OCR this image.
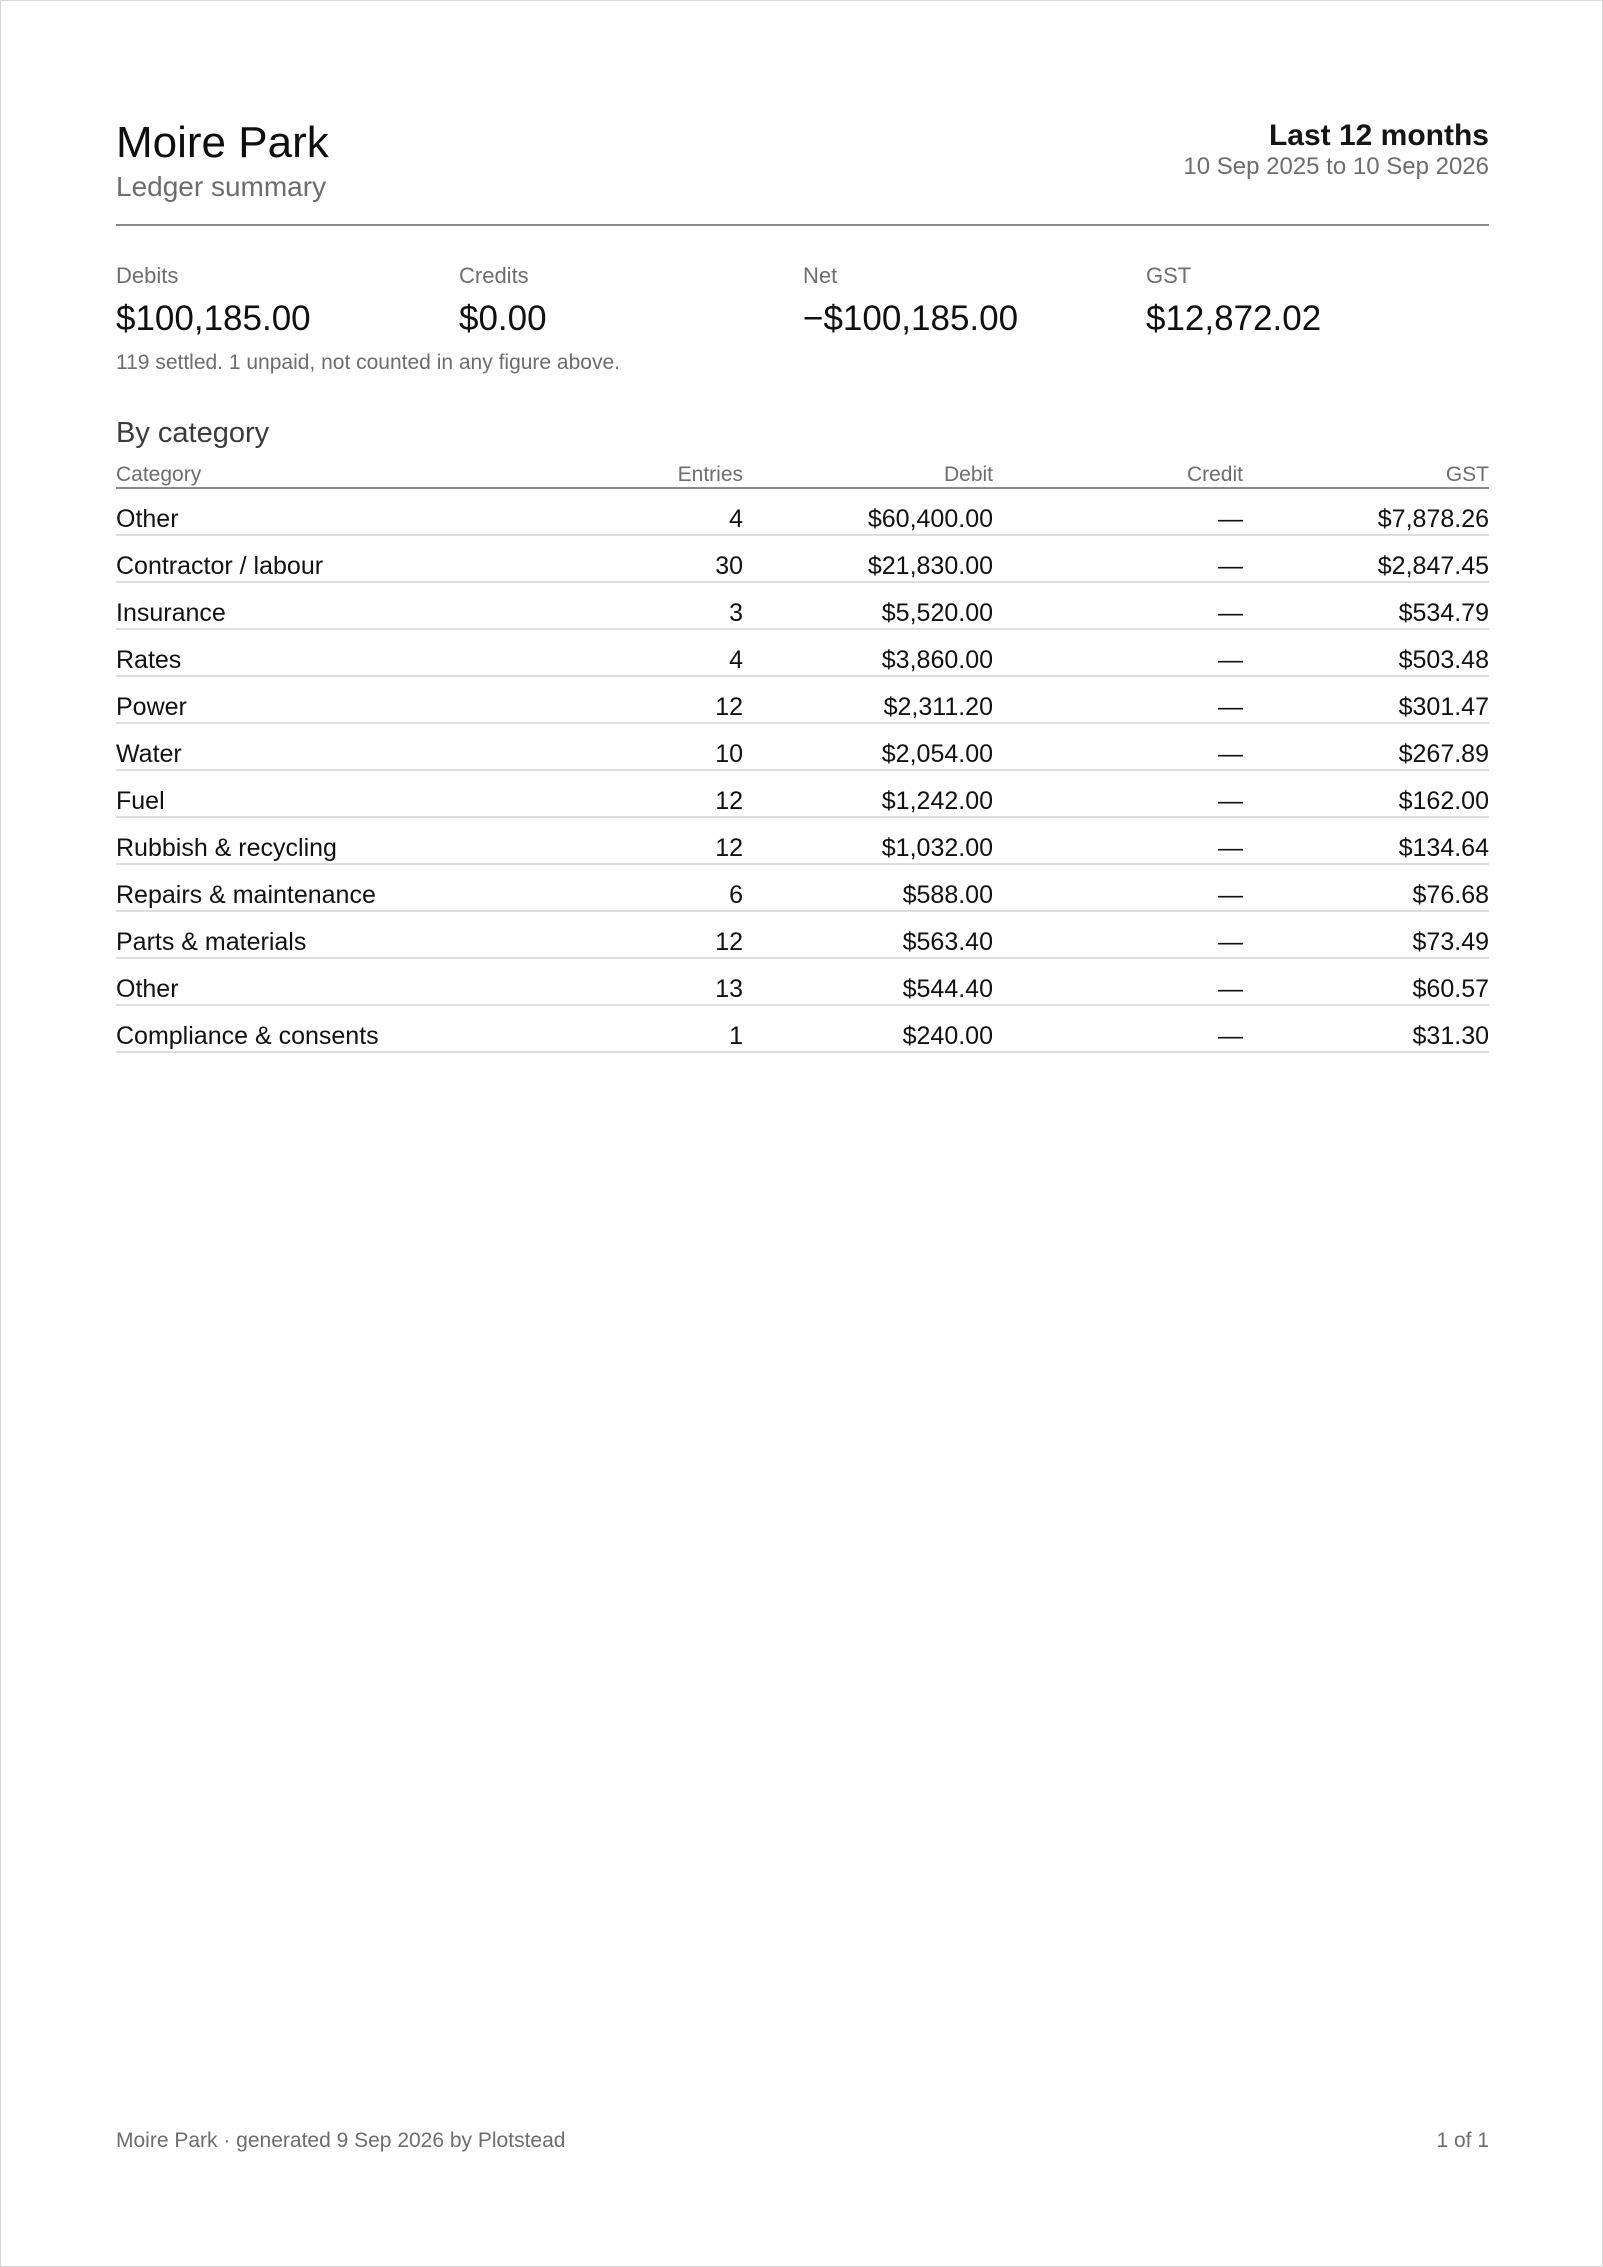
Moire Park
Ledger summary
Last 12 months
10 Sep 2025 to 10 Sep 2026
Debits
$100,185.00
Credits
$0.00
Net
−$100,185.00
GST
$12,872.02
119 settled. 1 unpaid, not counted in any figure above.
By category
Category	Entries	Debit	Credit	GST
Other	4	$60,400.00	—	$7,878.26
Contractor / labour	30	$21,830.00	—	$2,847.45
Insurance	3	$5,520.00	—	$534.79
Rates	4	$3,860.00	—	$503.48
Power	12	$2,311.20	—	$301.47
Water	10	$2,054.00	—	$267.89
Fuel	12	$1,242.00	—	$162.00
Rubbish & recycling	12	$1,032.00	—	$134.64
Repairs & maintenance	6	$588.00	—	$76.68
Parts & materials	12	$563.40	—	$73.49
Other	13	$544.40	—	$60.57
Compliance & consents	1	$240.00	—	$31.30
Moire Park · generated 9 Sep 2026 by Plotstead	1 of 1
